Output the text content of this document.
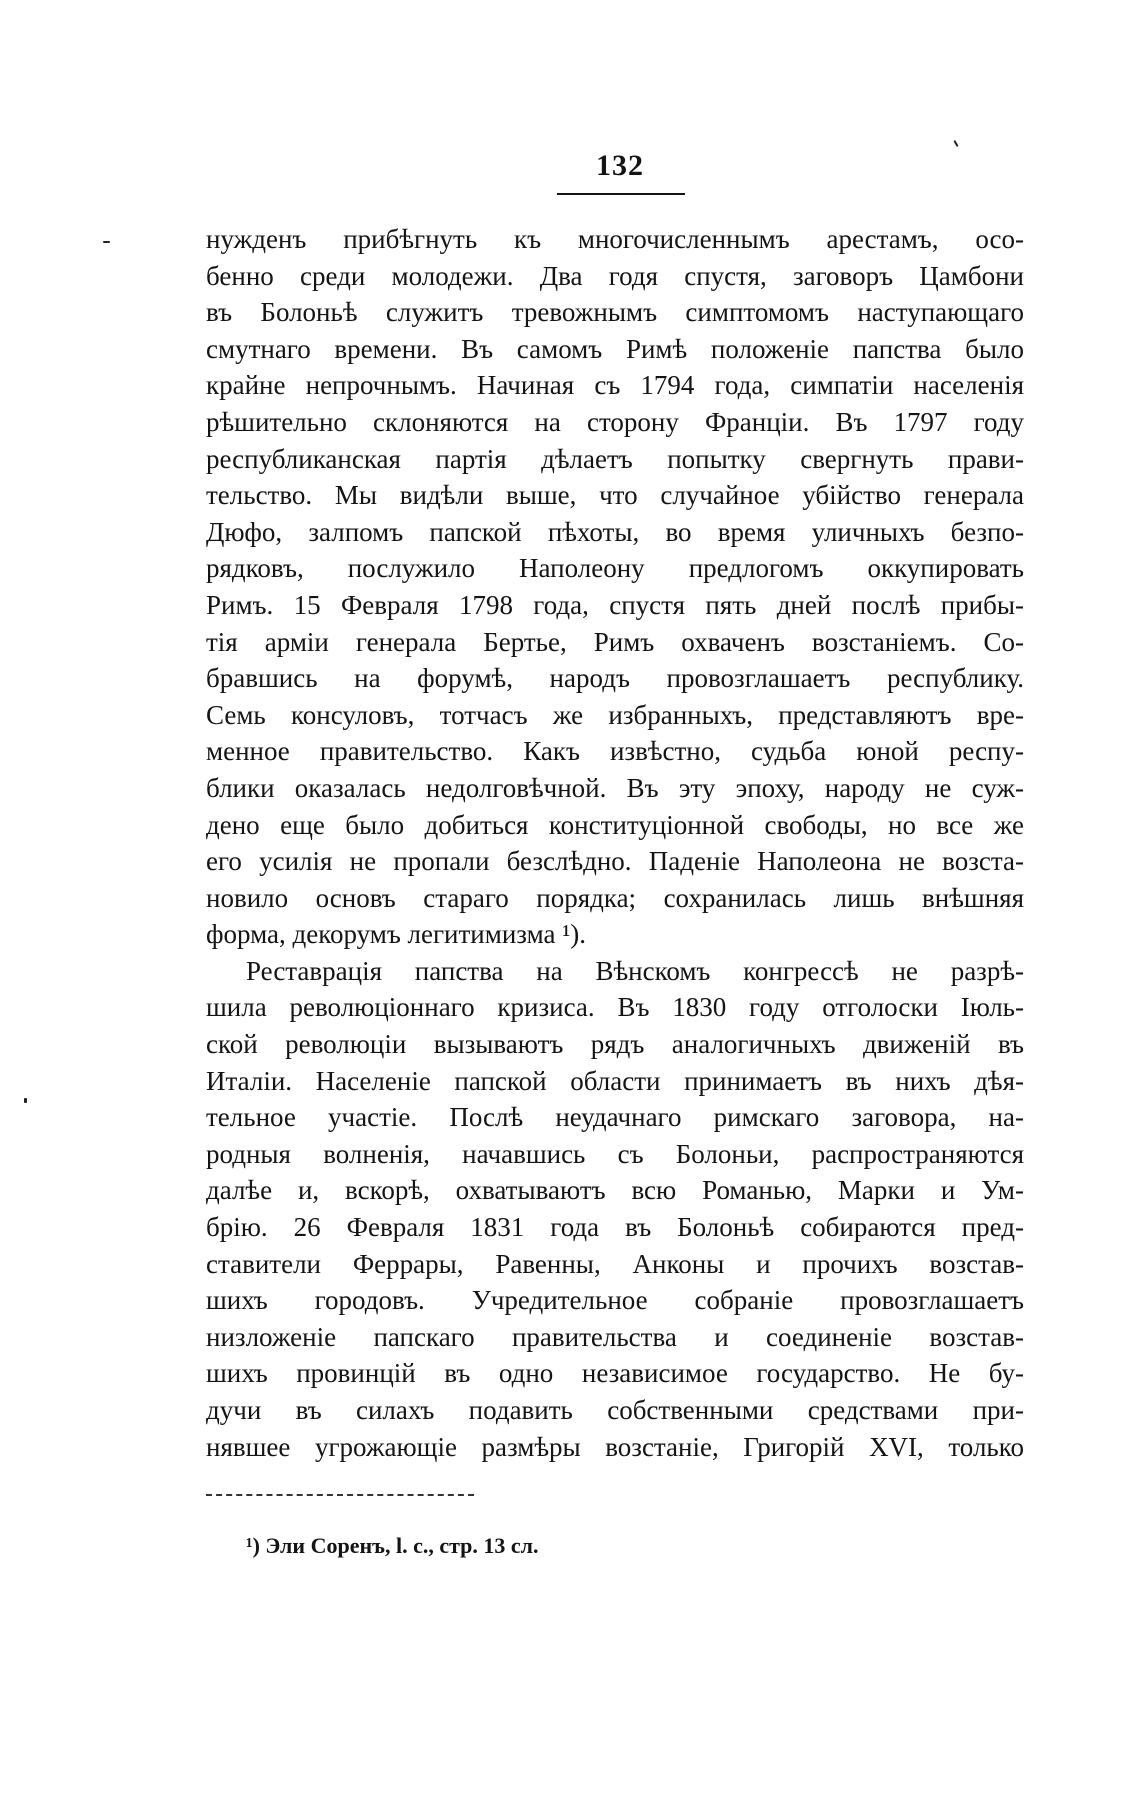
132
нужденъ прибѣгнуть къ многочисленнымъ арестамъ, осо-
бенно среди молодежи. Два годя спустя, заговоръ Цамбони
въ Болоньѣ служитъ тревожнымъ симптомомъ наступающаго
смутнаго времени. Въ самомъ Римѣ положеніе папства было
крайне непрочнымъ. Начиная съ 1794 года, симпатіи населенія
рѣшительно склоняются на сторону Франціи. Въ 1797 году
республиканская партія дѣлаетъ попытку свергнуть прави-
тельство. Мы видѣли выше, что случайное убійство генерала
Дюфо, залпомъ папской пѣхоты, во время уличныхъ безпо-
рядковъ, послужило Наполеону предлогомъ оккупировать
Римъ. 15 Февраля 1798 года, спустя пять дней послѣ прибы-
тія арміи генерала Бертье, Римъ охваченъ возстаніемъ. Со-
бравшись на форумѣ, народъ провозглашаетъ республику.
Семь консуловъ, тотчасъ же избранныхъ, представляютъ вре-
менное правительство. Какъ извѣстно, судьба юной респу-
блики оказалась недолговѣчной. Въ эту эпоху, народу не суж-
дено еще было добиться конституціонной свободы, но все же
его усилія не пропали безслѣдно. Паденіе Наполеона не возста-
новило основъ стараго порядка; сохранилась лишь внѣшняя
форма, декорумъ легитимизма ¹).
Реставрація папства на Вѣнскомъ конгрессѣ не разрѣ-
шила революціоннаго кризиса. Въ 1830 году отголоски Іюль-
ской революціи вызываютъ рядъ аналогичныхъ движеній въ
Италіи. Населеніе папской области принимаетъ въ нихъ дѣя-
тельное участіе. Послѣ неудачнаго римскаго заговора, на-
родныя волненія, начавшись съ Болоньи, распространяются
далѣе и, вскорѣ, охватываютъ всю Романью, Марки и Ум-
брію. 26 Февраля 1831 года въ Болоньѣ собираются пред-
ставители Феррары, Равенны, Анконы и прочихъ возстав-
шихъ городовъ. Учредительное собраніе провозглашаетъ
низложеніе папскаго правительства и соединеніе возстав-
шихъ провинцій въ одно независимое государство. Не бу-
дучи въ силахъ подавить собственными средствами при-
нявшее угрожающіе размѣры возстаніе, Григорій XVI, только
¹) Эли Соренъ, l. c., стр. 13 сл.
